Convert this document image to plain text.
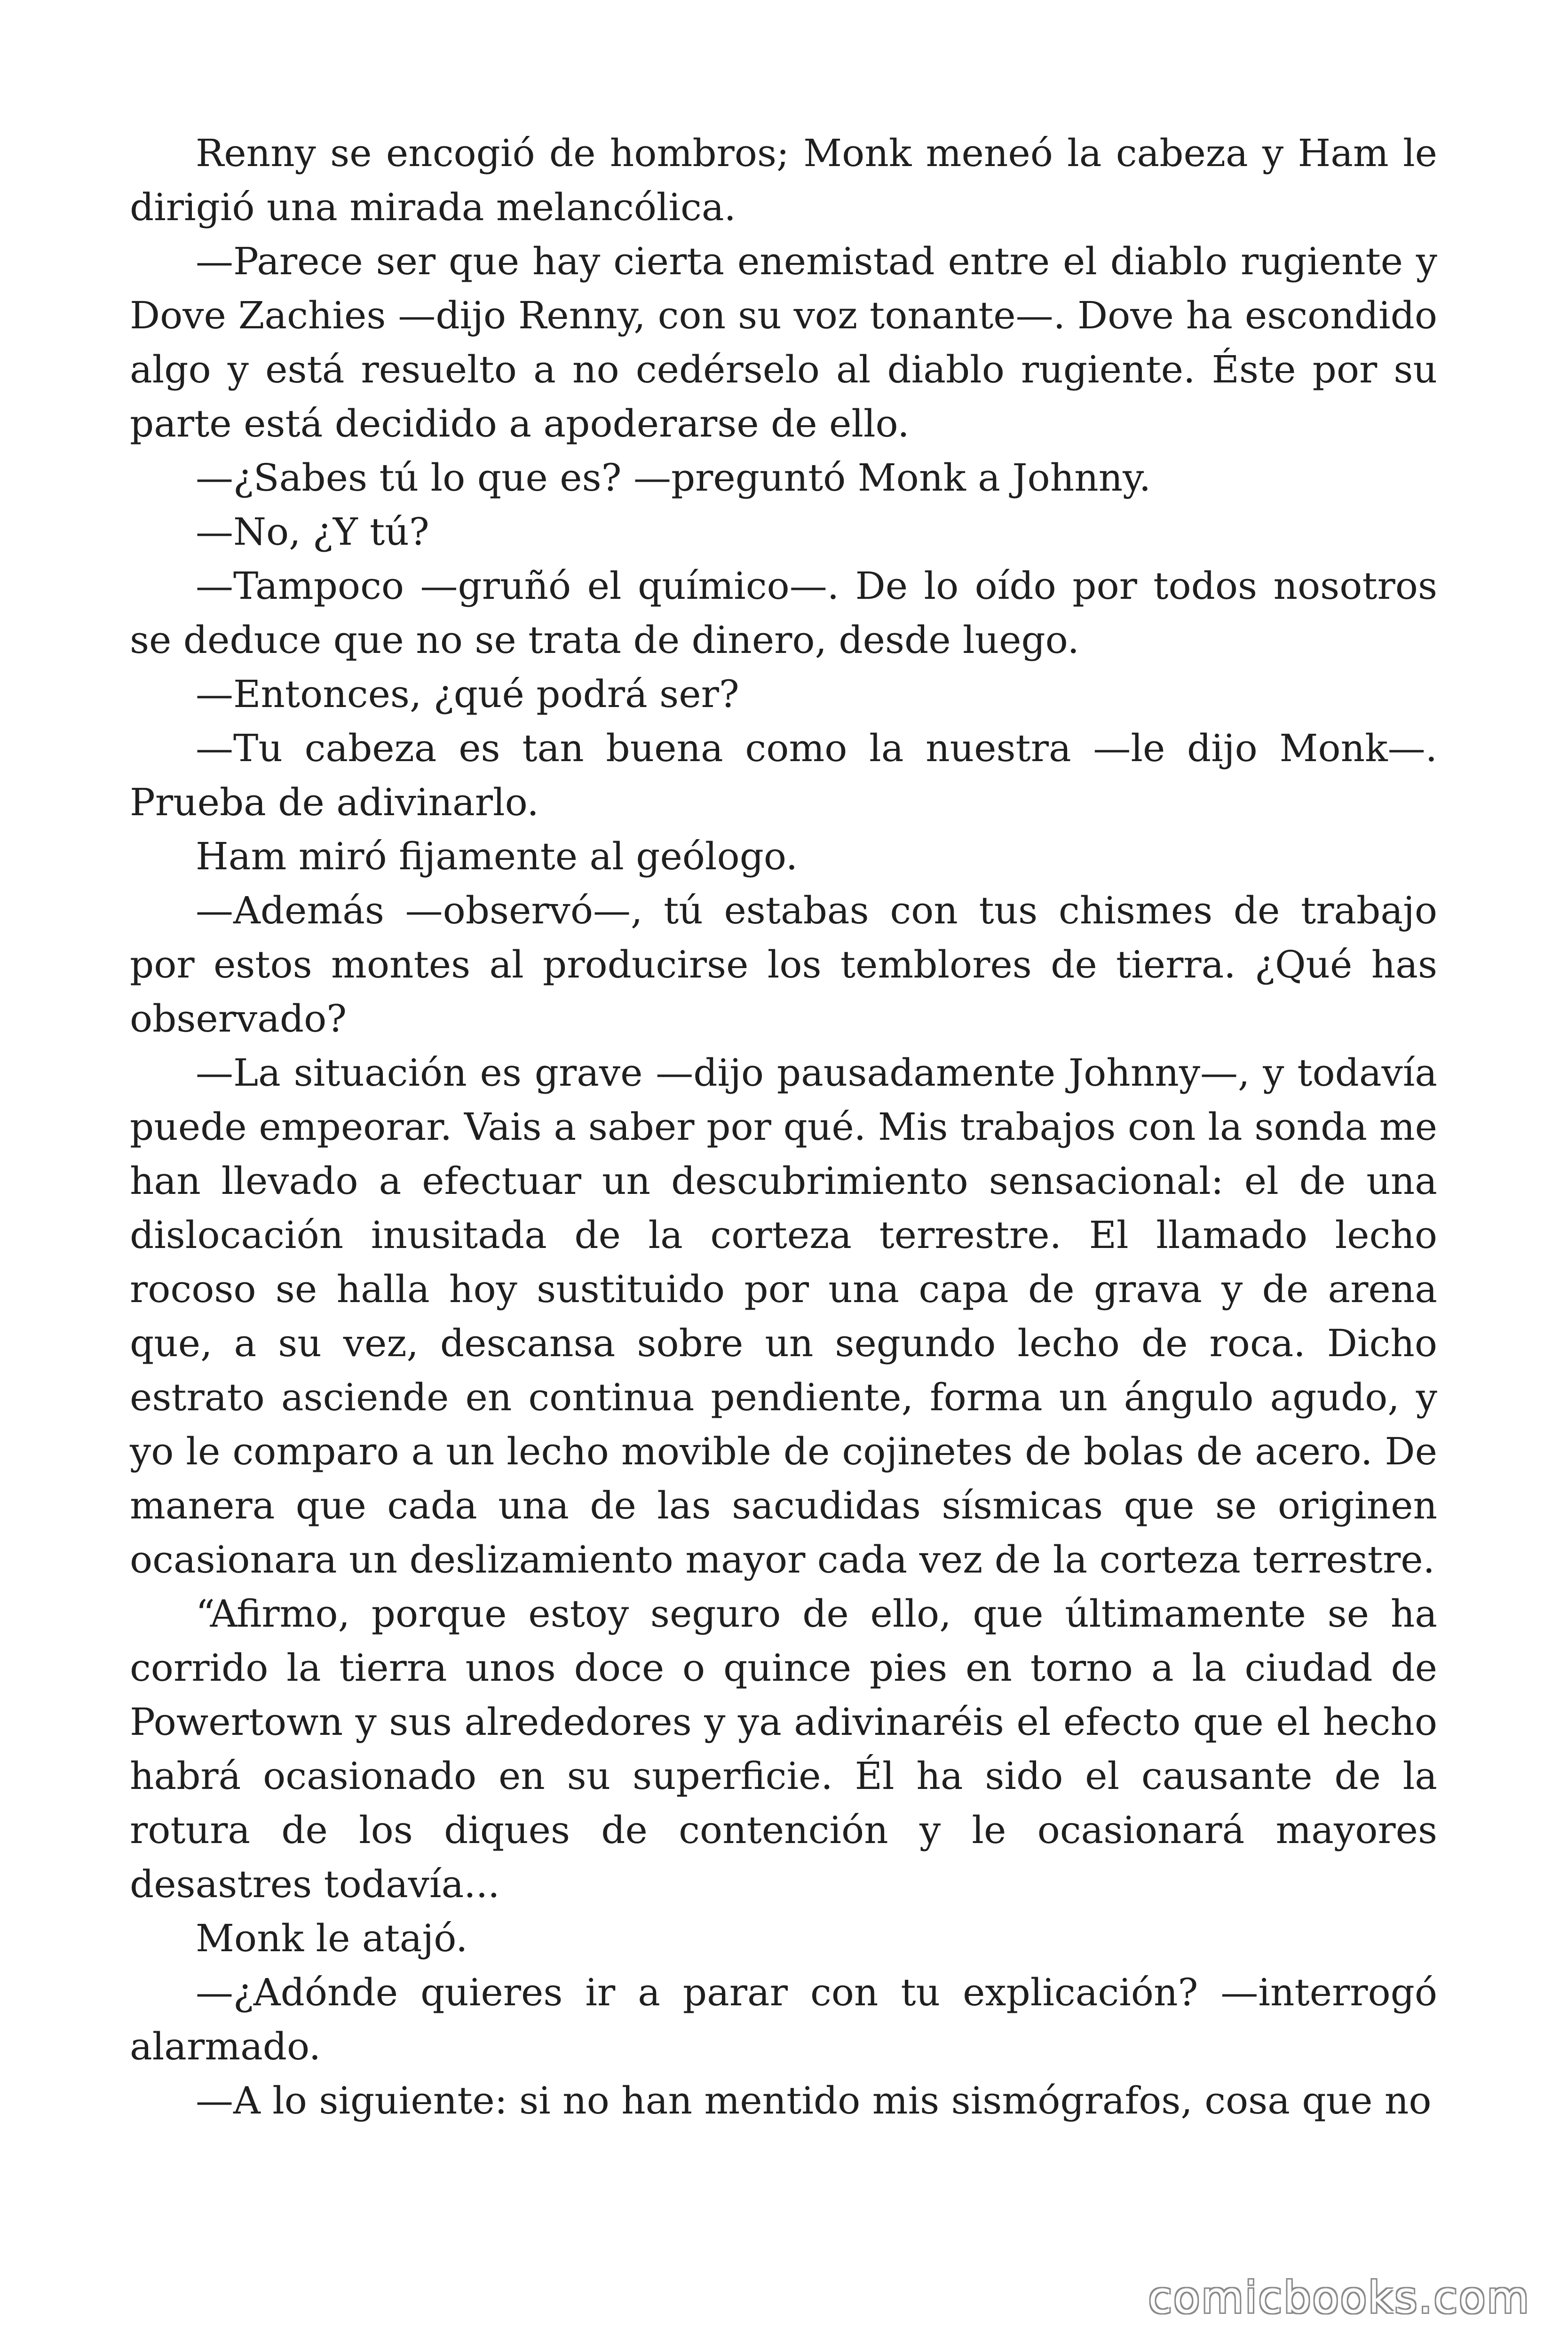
Renny se encogió de hombros; Monk meneó la cabeza y Ham le dirigió una mirada melancólica.

—Parece ser que hay cierta enemistad entre el diablo rugiente y Dove Zachies —dijo Renny, con su voz tonante—. Dove ha escondido algo y está resuelto a no cedérselo al diablo rugiente. Éste por su parte está decidido a apoderarse de ello.

—¿Sabes tú lo que es? —preguntó Monk a Johnny.

—No, ¿Y tú?

—Tampoco —gruñó el químico—. De lo oído por todos nosotros se deduce que no se trata de dinero, desde luego.

—Entonces, ¿qué podrá ser?

—Tu cabeza es tan buena como la nuestra —le dijo Monk—. Prueba de adivinarlo.

Ham miró fijamente al geólogo.

—Además —observó—, tú estabas con tus chismes de trabajo por estos montes al producirse los temblores de tierra. ¿Qué has observado?

—La situación es grave —dijo pausadamente Johnny—, y todavía puede empeorar. Vais a saber por qué. Mis trabajos con la sonda me han llevado a efectuar un descubrimiento sensacional: el de una dislocación inusitada de la corteza terrestre. El llamado lecho rocoso se halla hoy sustituido por una capa de grava y de arena que, a su vez, descansa sobre un segundo lecho de roca. Dicho estrato asciende en continua pendiente, forma un ángulo agudo, y yo le comparo a un lecho movible de cojinetes de bolas de acero. De manera que cada una de las sacudidas sísmicas que se originen ocasionara un deslizamiento mayor cada vez de la corteza terrestre.

“Afirmo, porque estoy seguro de ello, que últimamente se ha corrido la tierra unos doce o quince pies en torno a la ciudad de Powertown y sus alrededores y ya adivinaréis el efecto que el hecho habrá ocasionado en su superficie. Él ha sido el causante de la rotura de los diques de contención y le ocasionará mayores desastres todavía...

Monk le atajó.

—¿Adónde quieres ir a parar con tu explicación? —interrogó alarmado.

—A lo siguiente: si no han mentido mis sismógrafos, cosa que no

comicbooks.com
